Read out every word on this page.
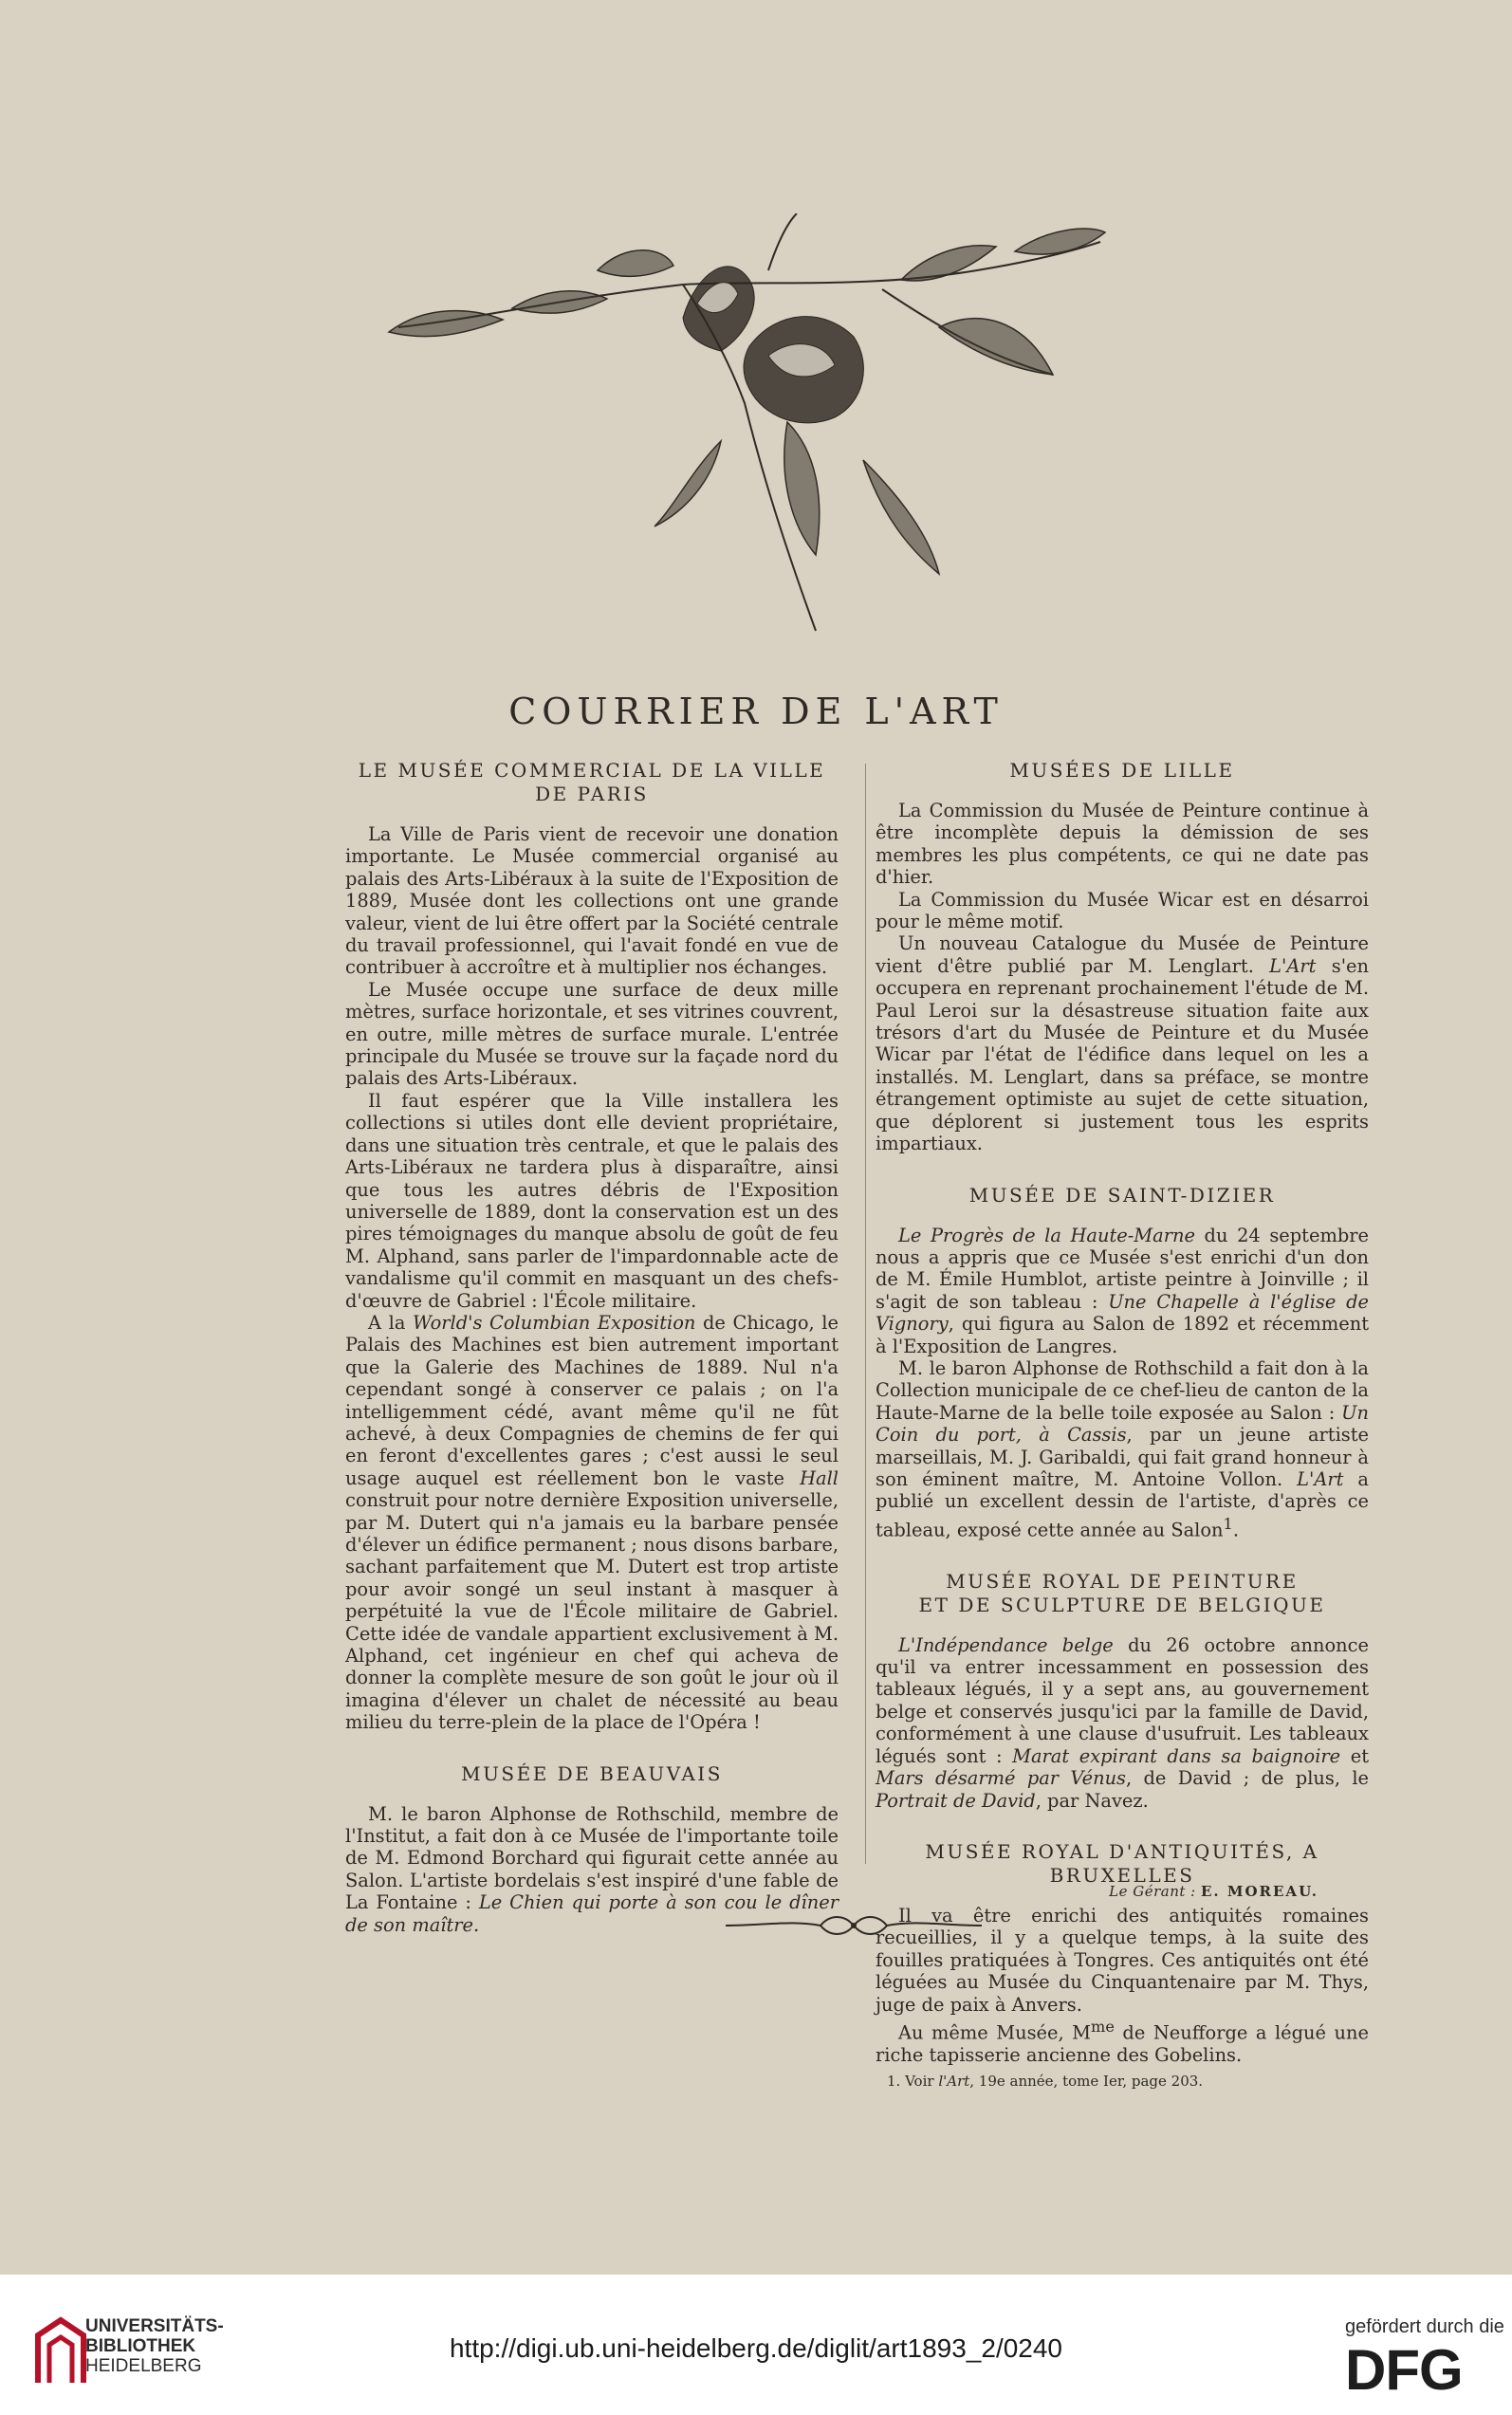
COURRIER DE L'ART
LE MUSÉE COMMERCIAL DE LA VILLE DE PARIS

La Ville de Paris vient de recevoir une donation importante. Le Musée commercial organisé au palais des Arts-Libéraux à la suite de l'Exposition de 1889, Musée dont les collections ont une grande valeur, vient de lui être offert par la Société centrale du travail professionnel, qui l'avait fondé en vue de contribuer à accroître et à multiplier nos échanges.

Le Musée occupe une surface de deux mille mètres, surface horizontale, et ses vitrines couvrent, en outre, mille mètres de surface murale. L'entrée principale du Musée se trouve sur la façade nord du palais des Arts-Libéraux.

Il faut espérer que la Ville installera les collections si utiles dont elle devient propriétaire, dans une situation très centrale, et que le palais des Arts-Libéraux ne tardera plus à disparaître, ainsi que tous les autres débris de l'Exposition universelle de 1889, dont la conservation est un des pires témoignages du manque absolu de goût de feu M. Alphand, sans parler de l'impardonnable acte de vandalisme qu'il commit en masquant un des chefs-d'œuvre de Gabriel : l'École militaire.

A la World's Columbian Exposition de Chicago, le Palais des Machines est bien autrement important que la Galerie des Machines de 1889. Nul n'a cependant songé à conserver ce palais ; on l'a intelligemment cédé, avant même qu'il ne fût achevé, à deux Compagnies de chemins de fer qui en feront d'excellentes gares ; c'est aussi le seul usage auquel est réellement bon le vaste Hall construit pour notre dernière Exposition universelle, par M. Dutert qui n'a jamais eu la barbare pensée d'élever un édifice permanent ; nous disons barbare, sachant parfaitement que M. Dutert est trop artiste pour avoir songé un seul instant à masquer à perpétuité la vue de l'École militaire de Gabriel. Cette idée de vandale appartient exclusivement à M. Alphand, cet ingénieur en chef qui acheva de donner la complète mesure de son goût le jour où il imagina d'élever un chalet de nécessité au beau milieu du terre-plein de la place de l'Opéra !

MUSÉE DE BEAUVAIS

M. le baron Alphonse de Rothschild, membre de l'Institut, a fait don à ce Musée de l'importante toile de M. Edmond Borchard qui figurait cette année au Salon. L'artiste bordelais s'est inspiré d'une fable de La Fontaine : Le Chien qui porte à son cou le dîner de son maître.

MUSÉES DE LILLE

La Commission du Musée de Peinture continue à être incomplète depuis la démission de ses membres les plus compétents, ce qui ne date pas d'hier.

La Commission du Musée Wicar est en désarroi pour le même motif.

Un nouveau Catalogue du Musée de Peinture vient d'être publié par M. Lenglart. L'Art s'en occupera en reprenant prochainement l'étude de M. Paul Leroi sur la désastreuse situation faite aux trésors d'art du Musée de Peinture et du Musée Wicar par l'état de l'édifice dans lequel on les a installés. M. Lenglart, dans sa préface, se montre étrangement optimiste au sujet de cette situation, que déplorent si justement tous les esprits impartiaux.

MUSÉE DE SAINT-DIZIER

Le Progrès de la Haute-Marne du 24 septembre nous a appris que ce Musée s'est enrichi d'un don de M. Émile Humblot, artiste peintre à Joinville ; il s'agit de son tableau : Une Chapelle à l'église de Vignory, qui figura au Salon de 1892 et récemment à l'Exposition de Langres.

M. le baron Alphonse de Rothschild a fait don à la Collection municipale de ce chef-lieu de canton de la Haute-Marne de la belle toile exposée au Salon : Un Coin du port, à Cassis, par un jeune artiste marseillais, M. J. Garibaldi, qui fait grand honneur à son éminent maître, M. Antoine Vollon. L'Art a publié un excellent dessin de l'artiste, d'après ce tableau, exposé cette année au Salon$^1$.

MUSÉE ROYAL DE PEINTURE
ET DE SCULPTURE DE BELGIQUE

L'Indépendance belge du 26 octobre annonce qu'il va entrer incessamment en possession des tableaux légués, il y a sept ans, au gouvernement belge et conservés jusqu'ici par la famille de David, conformément à une clause d'usufruit. Les tableaux légués sont : Marat expirant dans sa baignoire et Mars désarmé par Vénus, de David ; de plus, le Portrait de David, par Navez.

MUSÉE ROYAL D'ANTIQUITÉS, A BRUXELLES

Il va être enrichi des antiquités romaines recueillies, il y a quelque temps, à la suite des fouilles pratiquées à Tongres. Ces antiquités ont été léguées au Musée du Cinquantenaire par M. Thys, juge de paix à Anvers.

Au même Musée, $M^{me}$ de Neufforge a légué une riche tapisserie ancienne des Gobelins.

1. Voir l'Art, 19e année, tome Ier, page 203.

Le Gérant : E. MOREAU.
UNIVERSITÄTS-
BIBLIOTHEK
HEIDELBERG
http://digi.ub.uni-heidelberg.de/diglit/art1893_2/0240
gefördert durch die
DFG
